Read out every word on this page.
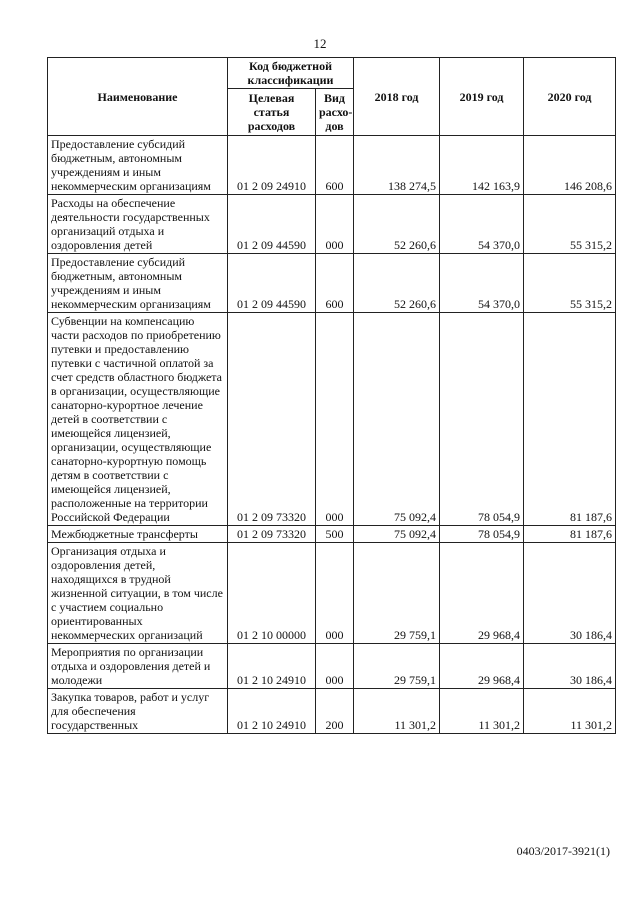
12
Наименование	Код бюджетной классификации		2018 год	2019 год	2020 год
	Целевая статья расходов	Вид расхо-дов			
Предоставление субсидий бюджетным, автономным учреждениям и иным некоммерческим организациям	01 2 09 24910	600	138 274,5	142 163,9	146 208,6
Расходы на обеспечение деятельности государственных организаций отдыха и оздоровления детей	01 2 09 44590	000	52 260,6	54 370,0	55 315,2
Предоставление субсидий бюджетным, автономным учреждениям и иным некоммерческим организациям	01 2 09 44590	600	52 260,6	54 370,0	55 315,2
Субвенции на компенсацию части расходов по приобретению путевки и предоставлению путевки с частичной оплатой за счет средств областного бюджета в организации, осуществляющие санаторно-курортное лечение детей в соответствии с имеющейся лицензией, организации, осуществляющие санаторно-курортную помощь детям в соответствии с имеющейся лицензией, расположенные на территории Российской Федерации	01 2 09 73320	000	75 092,4	78 054,9	81 187,6
Межбюджетные трансферты	01 2 09 73320	500	75 092,4	78 054,9	81 187,6
Организация отдыха и оздоровления детей, находящихся в трудной жизненной ситуации, в том числе с участием социально ориентированных некоммерческих организаций	01 2 10 00000	000	29 759,1	29 968,4	30 186,4
Мероприятия по организации отдыха и оздоровления детей и молодежи	01 2 10 24910	000	29 759,1	29 968,4	30 186,4
Закупка товаров, работ и услуг для обеспечения государственных	01 2 10 24910	200	11 301,2	11 301,2	11 301,2
0403/2017-3921(1)
